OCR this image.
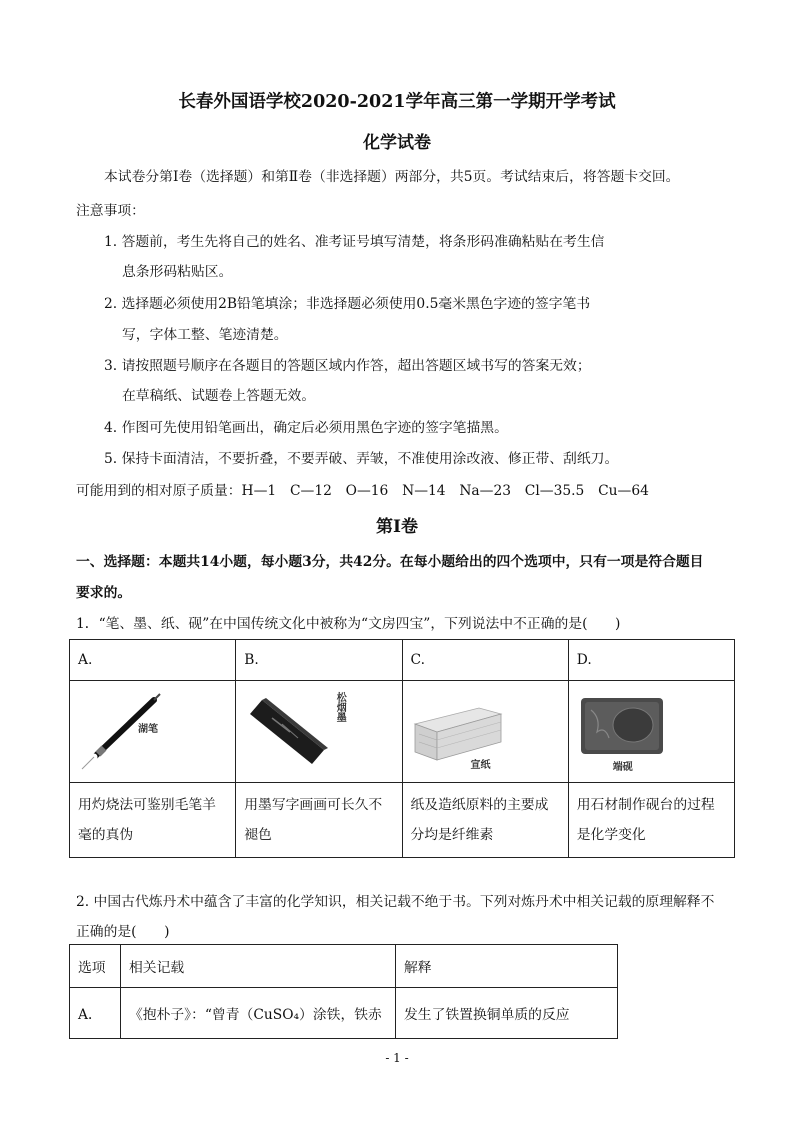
长春外国语学校2020-2021学年高三第一学期开学考试
化学试卷
本试卷分第Ⅰ卷（选择题）和第Ⅱ卷（非选择题）两部分，共5页。考试结束后，将答题卡交回。
注意事项：
1. 答题前，考生先将自己的姓名、准考证号填写清楚，将条形码准确粘贴在考生信
息条形码粘贴区。
2. 选择题必须使用2B铅笔填涂；非选择题必须使用0.5毫米黑色字迹的签字笔书
写，字体工整、笔迹清楚。
3. 请按照题号顺序在各题目的答题区域内作答，超出答题区域书写的答案无效；
在草稿纸、试题卷上答题无效。
4. 作图可先使用铅笔画出，确定后必须用黑色字迹的签字笔描黑。
5. 保持卡面清洁，不要折叠，不要弄破、弄皱，不准使用涂改液、修正带、刮纸刀。
可能用到的相对原子质量：H—1　C—12　O—16　N—14　Na—23　Cl—35.5　Cu—64
第Ⅰ卷
一、选择题：本题共14小题，每小题3分，共42分。在每小题给出的四个选项中，只有一项是符合题目
要求的。
1．“笔、墨、纸、砚”在中国传统文化中被称为“文房四宝”，下列说法中不正确的是(　　)
A.	B.	C.	D.

湖笔	松烟墨	宣纸	端砚

用灼烧法可鉴别毛笔羊毫的真伪	用墨写字画画可长久不褪色	纸及造纸原料的主要成分均是纤维素	用石材制作砚台的过程是化学变化
2. 中国古代炼丹术中蕴含了丰富的化学知识，相关记载不绝于书。下列对炼丹术中相关记载的原理解释不
正确的是(　　)
选项	相关记载	解释
A．	《抱朴子》：“曾青（CuSO₄）涂铁，铁赤	发生了铁置换铜单质的反应
- 1 -
